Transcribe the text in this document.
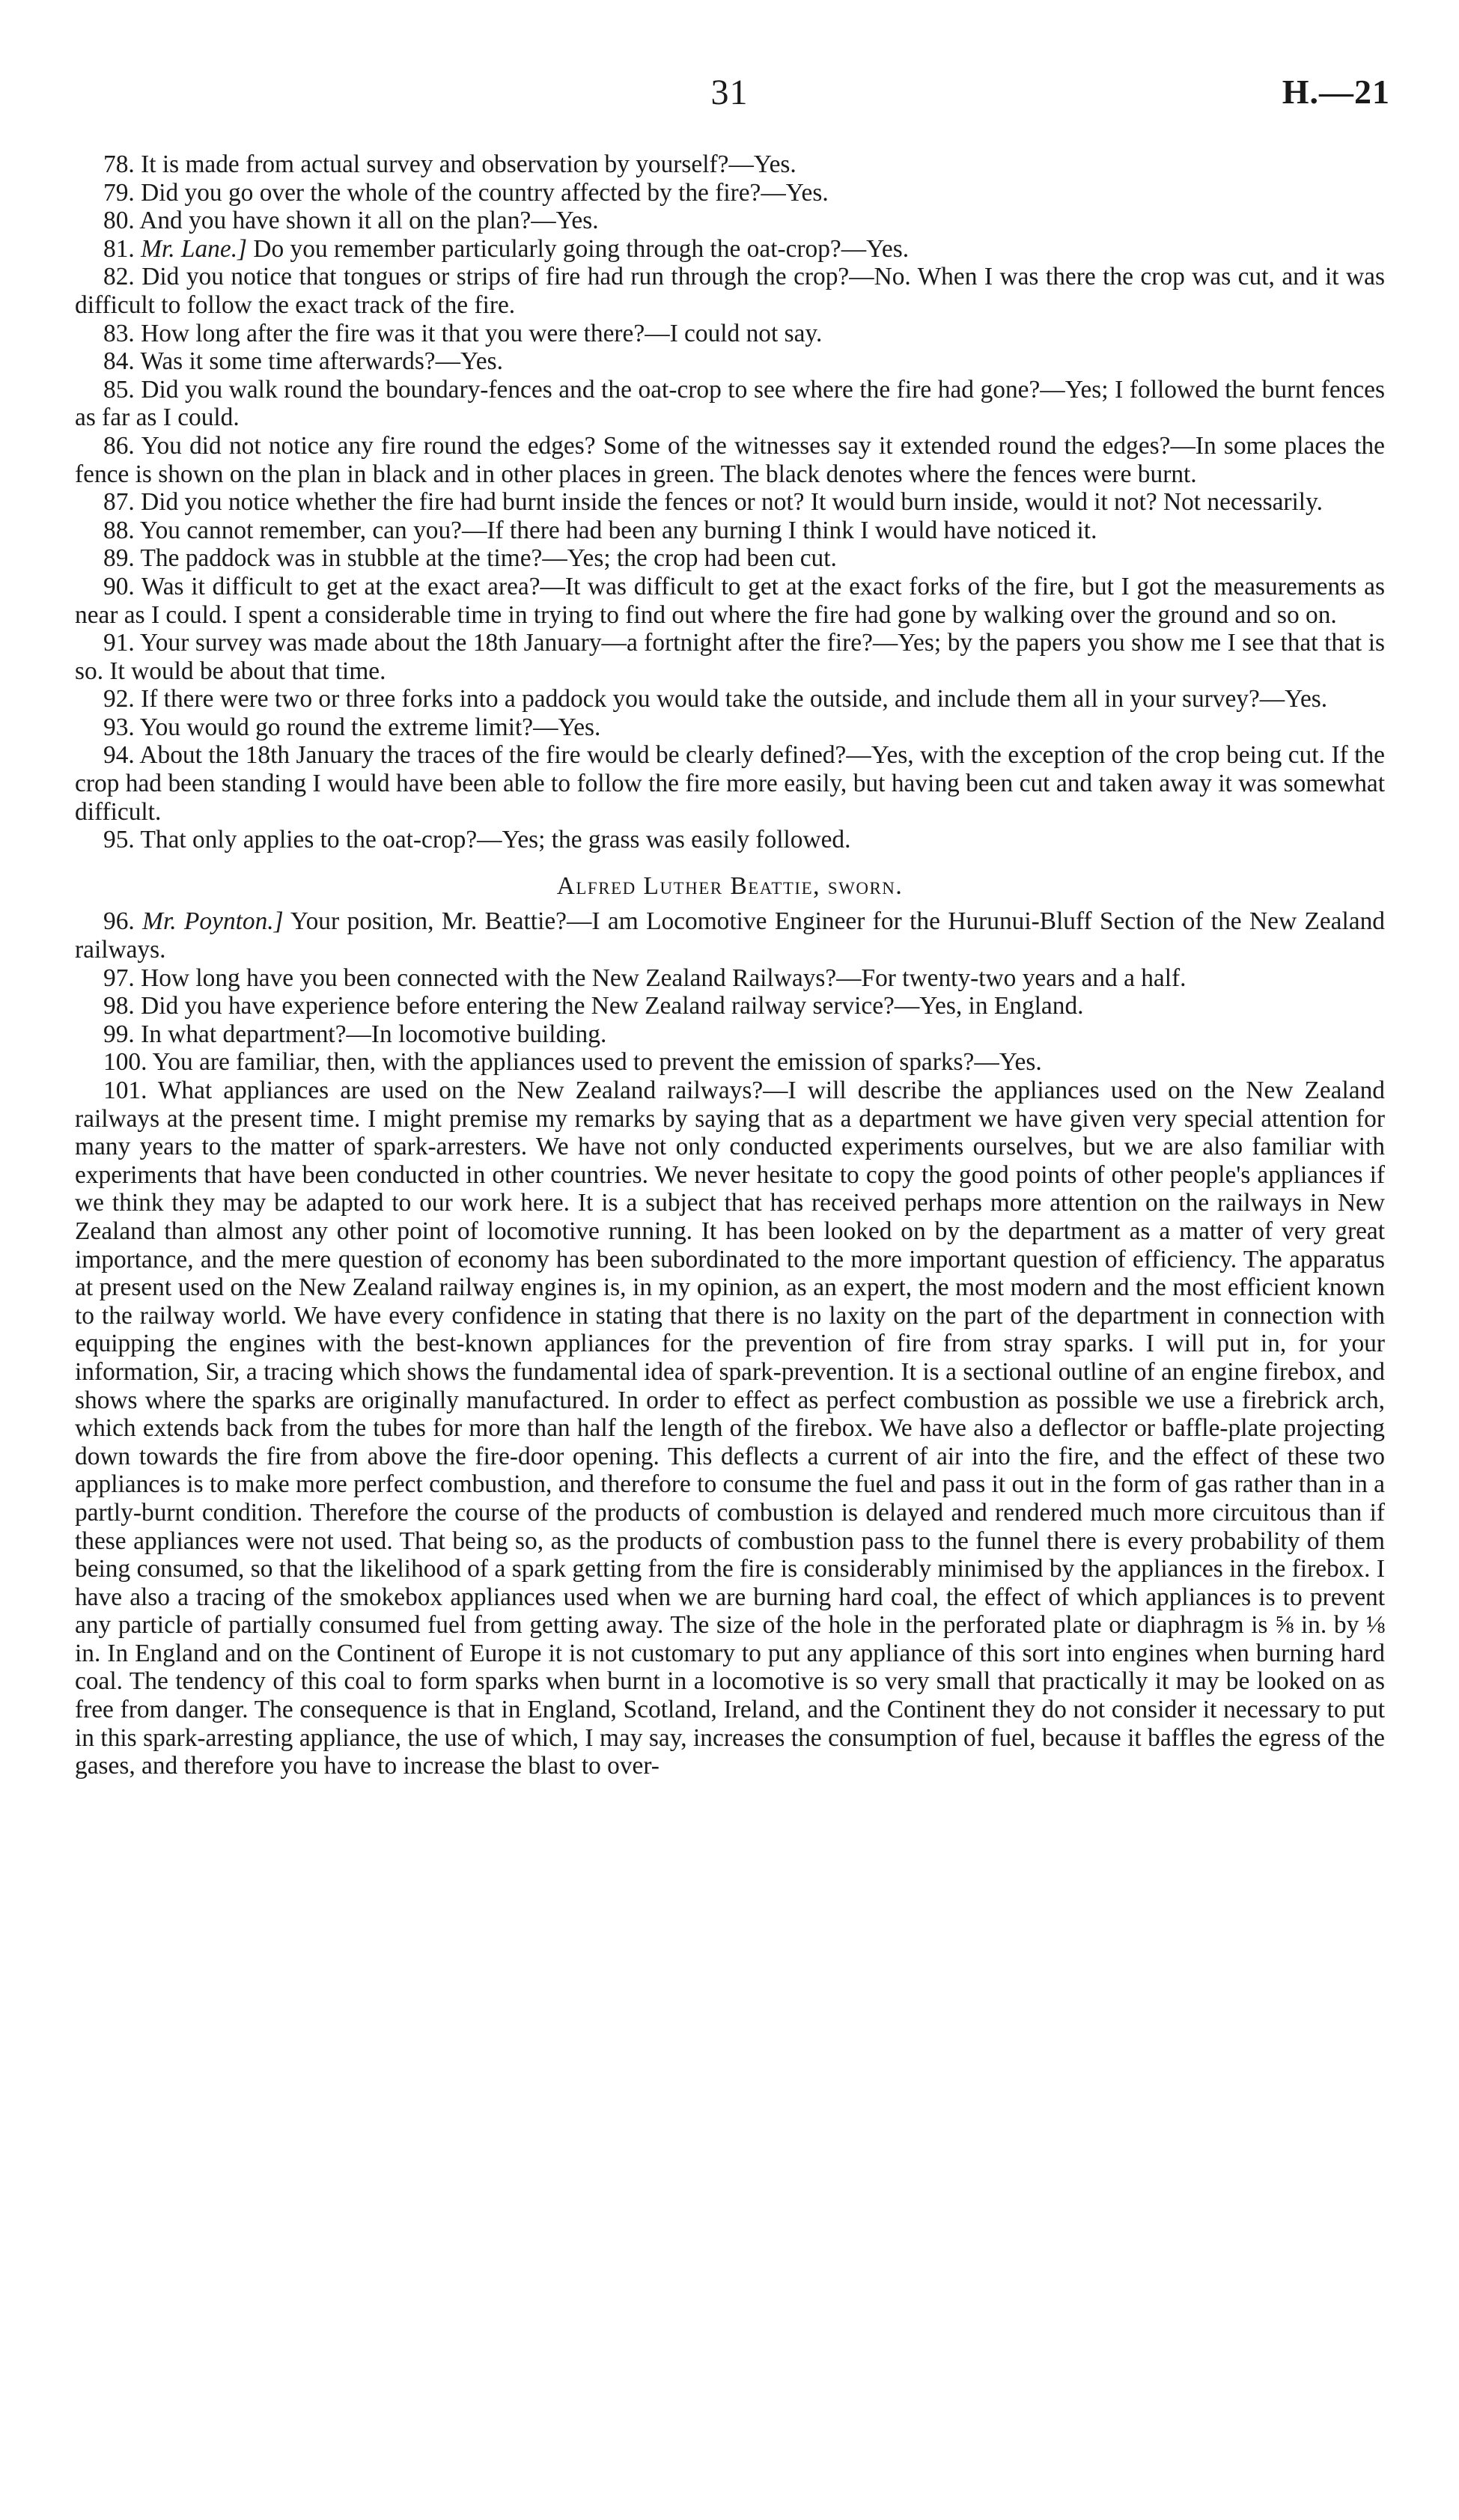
31	H.—21

78. It is made from actual survey and observation by yourself?—Yes.

79. Did you go over the whole of the country affected by the fire?—Yes.

80. And you have shown it all on the plan?—Yes.

81. Mr. Lane.] Do you remember particularly going through the oat-crop?—Yes.

82. Did you notice that tongues or strips of fire had run through the crop?—No. When I was there the crop was cut, and it was difficult to follow the exact track of the fire.

83. How long after the fire was it that you were there?—I could not say.

84. Was it some time afterwards?—Yes.

85. Did you walk round the boundary-fences and the oat-crop to see where the fire had gone?—Yes; I followed the burnt fences as far as I could.

86. You did not notice any fire round the edges? Some of the witnesses say it extended round the edges?—In some places the fence is shown on the plan in black and in other places in green. The black denotes where the fences were burnt.

87. Did you notice whether the fire had burnt inside the fences or not? It would burn inside, would it not? Not necessarily.

88. You cannot remember, can you?—If there had been any burning I think I would have noticed it.

89. The paddock was in stubble at the time?—Yes; the crop had been cut.

90. Was it difficult to get at the exact area?—It was difficult to get at the exact forks of the fire, but I got the measurements as near as I could. I spent a considerable time in trying to find out where the fire had gone by walking over the ground and so on.

91. Your survey was made about the 18th January—a fortnight after the fire?—Yes; by the papers you show me I see that that is so. It would be about that time.

92. If there were two or three forks into a paddock you would take the outside, and include them all in your survey?—Yes.

93. You would go round the extreme limit?—Yes.

94. About the 18th January the traces of the fire would be clearly defined?—Yes, with the exception of the crop being cut. If the crop had been standing I would have been able to follow the fire more easily, but having been cut and taken away it was somewhat difficult.

95. That only applies to the oat-crop?—Yes; the grass was easily followed.

Alfred Luther Beattie, sworn.

96. Mr. Poynton.] Your position, Mr. Beattie?—I am Locomotive Engineer for the Hurunui-Bluff Section of the New Zealand railways.

97. How long have you been connected with the New Zealand Railways?—For twenty-two years and a half.

98. Did you have experience before entering the New Zealand railway service?—Yes, in England.

99. In what department?—In locomotive building.

100. You are familiar, then, with the appliances used to prevent the emission of sparks?—Yes.

101. What appliances are used on the New Zealand railways?—I will describe the appliances used on the New Zealand railways at the present time. I might premise my remarks by saying that as a department we have given very special attention for many years to the matter of spark-arresters. We have not only conducted experiments ourselves, but we are also familiar with experiments that have been conducted in other countries. We never hesitate to copy the good points of other people's appliances if we think they may be adapted to our work here. It is a subject that has received perhaps more attention on the railways in New Zealand than almost any other point of locomotive running. It has been looked on by the department as a matter of very great importance, and the mere question of economy has been subordinated to the more important question of efficiency. The apparatus at present used on the New Zealand railway engines is, in my opinion, as an expert, the most modern and the most efficient known to the railway world. We have every confidence in stating that there is no laxity on the part of the department in connection with equipping the engines with the best-known appliances for the prevention of fire from stray sparks. I will put in, for your information, Sir, a tracing which shows the fundamental idea of spark-prevention. It is a sectional outline of an engine firebox, and shows where the sparks are originally manufactured. In order to effect as perfect combustion as possible we use a firebrick arch, which extends back from the tubes for more than half the length of the firebox. We have also a deflector or baffle-plate projecting down towards the fire from above the fire-door opening. This deflects a current of air into the fire, and the effect of these two appliances is to make more perfect combustion, and therefore to consume the fuel and pass it out in the form of gas rather than in a partly-burnt condition. Therefore the course of the products of combustion is delayed and rendered much more circuitous than if these appliances were not used. That being so, as the products of combustion pass to the funnel there is every probability of them being consumed, so that the likelihood of a spark getting from the fire is considerably minimised by the appliances in the firebox. I have also a tracing of the smokebox appliances used when we are burning hard coal, the effect of which appliances is to prevent any particle of partially consumed fuel from getting away. The size of the hole in the perforated plate or diaphragm is ⅝ in. by ⅛ in. In England and on the Continent of Europe it is not customary to put any appliance of this sort into engines when burning hard coal. The tendency of this coal to form sparks when burnt in a locomotive is so very small that practically it may be looked on as free from danger. The consequence is that in England, Scotland, Ireland, and the Continent they do not consider it necessary to put in this spark-arresting appliance, the use of which, I may say, increases the consumption of fuel, because it baffles the egress of the gases, and therefore you have to increase the blast to over-
